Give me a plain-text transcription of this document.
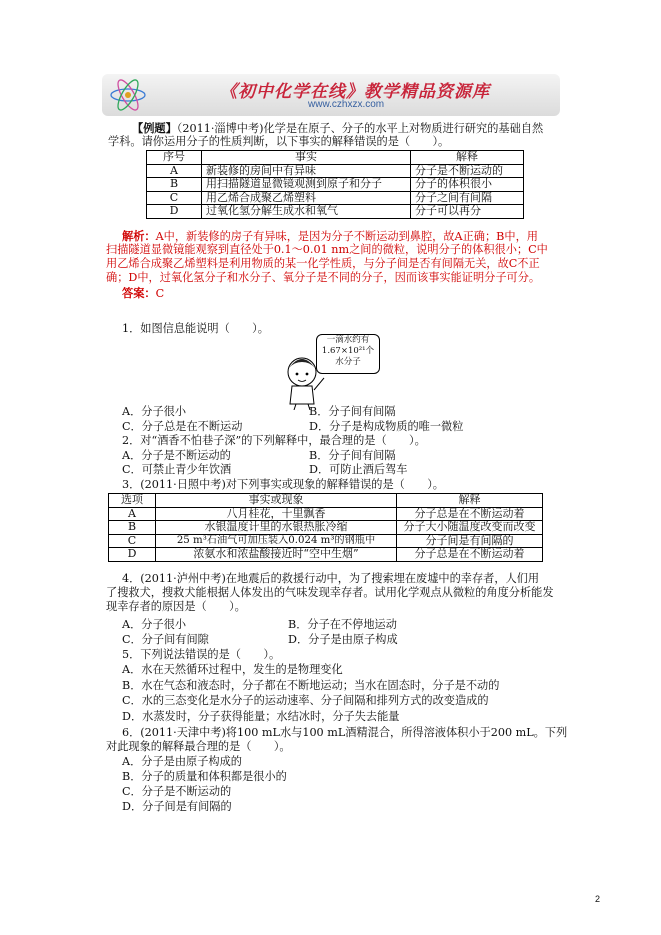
《初中化学在线》教学精品资源库
www.czhxzx.com
【例题】（2011·淄博中考)化学是在原子、分子的水平上对物质进行研究的基础自然
学科。请你运用分子的性质判断，以下事实的解释错误的是（　　）。
序号	事实	解释
A	新装修的房间中有异味	分子是不断运动的
B	用扫描隧道显微镜观测到原子和分子	分子的体积很小
C	用乙烯合成聚乙烯塑料	分子之间有间隔
D	过氧化氢分解生成水和氧气	分子可以再分
解析：A中，新装修的房子有异味，是因为分子不断运动到鼻腔，故A正确；B中，用
扫描隧道显微镜能观察到直径处于0.1～0.01 nm之间的微粒，说明分子的体积很小；C中
用乙烯合成聚乙烯塑料是利用物质的某一化学性质，与分子间是否有间隔无关，故C不正
确；D中，过氧化氢分子和水分子、氧分子是不同的分子，因而该事实能证明分子可分。
答案：C
1．如图信息能说明（　　）。
一滴水约有
1.67×10²¹个
水分子
A．分子很小	B．分子间有间隔
C．分子总是在不断运动	D．分子是构成物质的唯一微粒
2．对“酒香不怕巷子深”的下列解释中，最合理的是（　　）。
A．分子是不断运动的	B．分子间有间隔
C．可禁止青少年饮酒	D．可防止酒后驾车
3．(2011·日照中考)对下列事实或现象的解释错误的是（　　）。
选项	事实或现象	解释
A	八月桂花，十里飘香	分子总是在不断运动着
B	水银温度计里的水银热胀冷缩	分子大小随温度改变而改变
C	25 m³石油气可加压装入0.024 m³的钢瓶中	分子间是有间隔的
D	浓氨水和浓盐酸接近时“空中生烟”	分子总是在不断运动着
4．(2011·泸州中考)在地震后的救援行动中，为了搜索埋在废墟中的幸存者，人们用
了搜救犬，搜救犬能根据人体发出的气味发现幸存者。试用化学观点从微粒的角度分析能发
现幸存者的原因是（　　）。
A．分子很小	B．分子在不停地运动
C．分子间有间隙	D．分子是由原子构成
5．下列说法错误的是（　　）。
A．水在天然循环过程中，发生的是物理变化
B．水在气态和液态时，分子都在不断地运动；当水在固态时，分子是不动的
C．水的三态变化是水分子的运动速率、分子间隔和排列方式的改变造成的
D．水蒸发时，分子获得能量；水结冰时，分子失去能量
6．(2011·天津中考)将100 mL水与100 mL酒精混合，所得溶液体积小于200 mL。下列
对此现象的解释最合理的是（　　）。
A．分子是由原子构成的
B．分子的质量和体积都是很小的
C．分子是不断运动的
D．分子间是有间隔的
2
